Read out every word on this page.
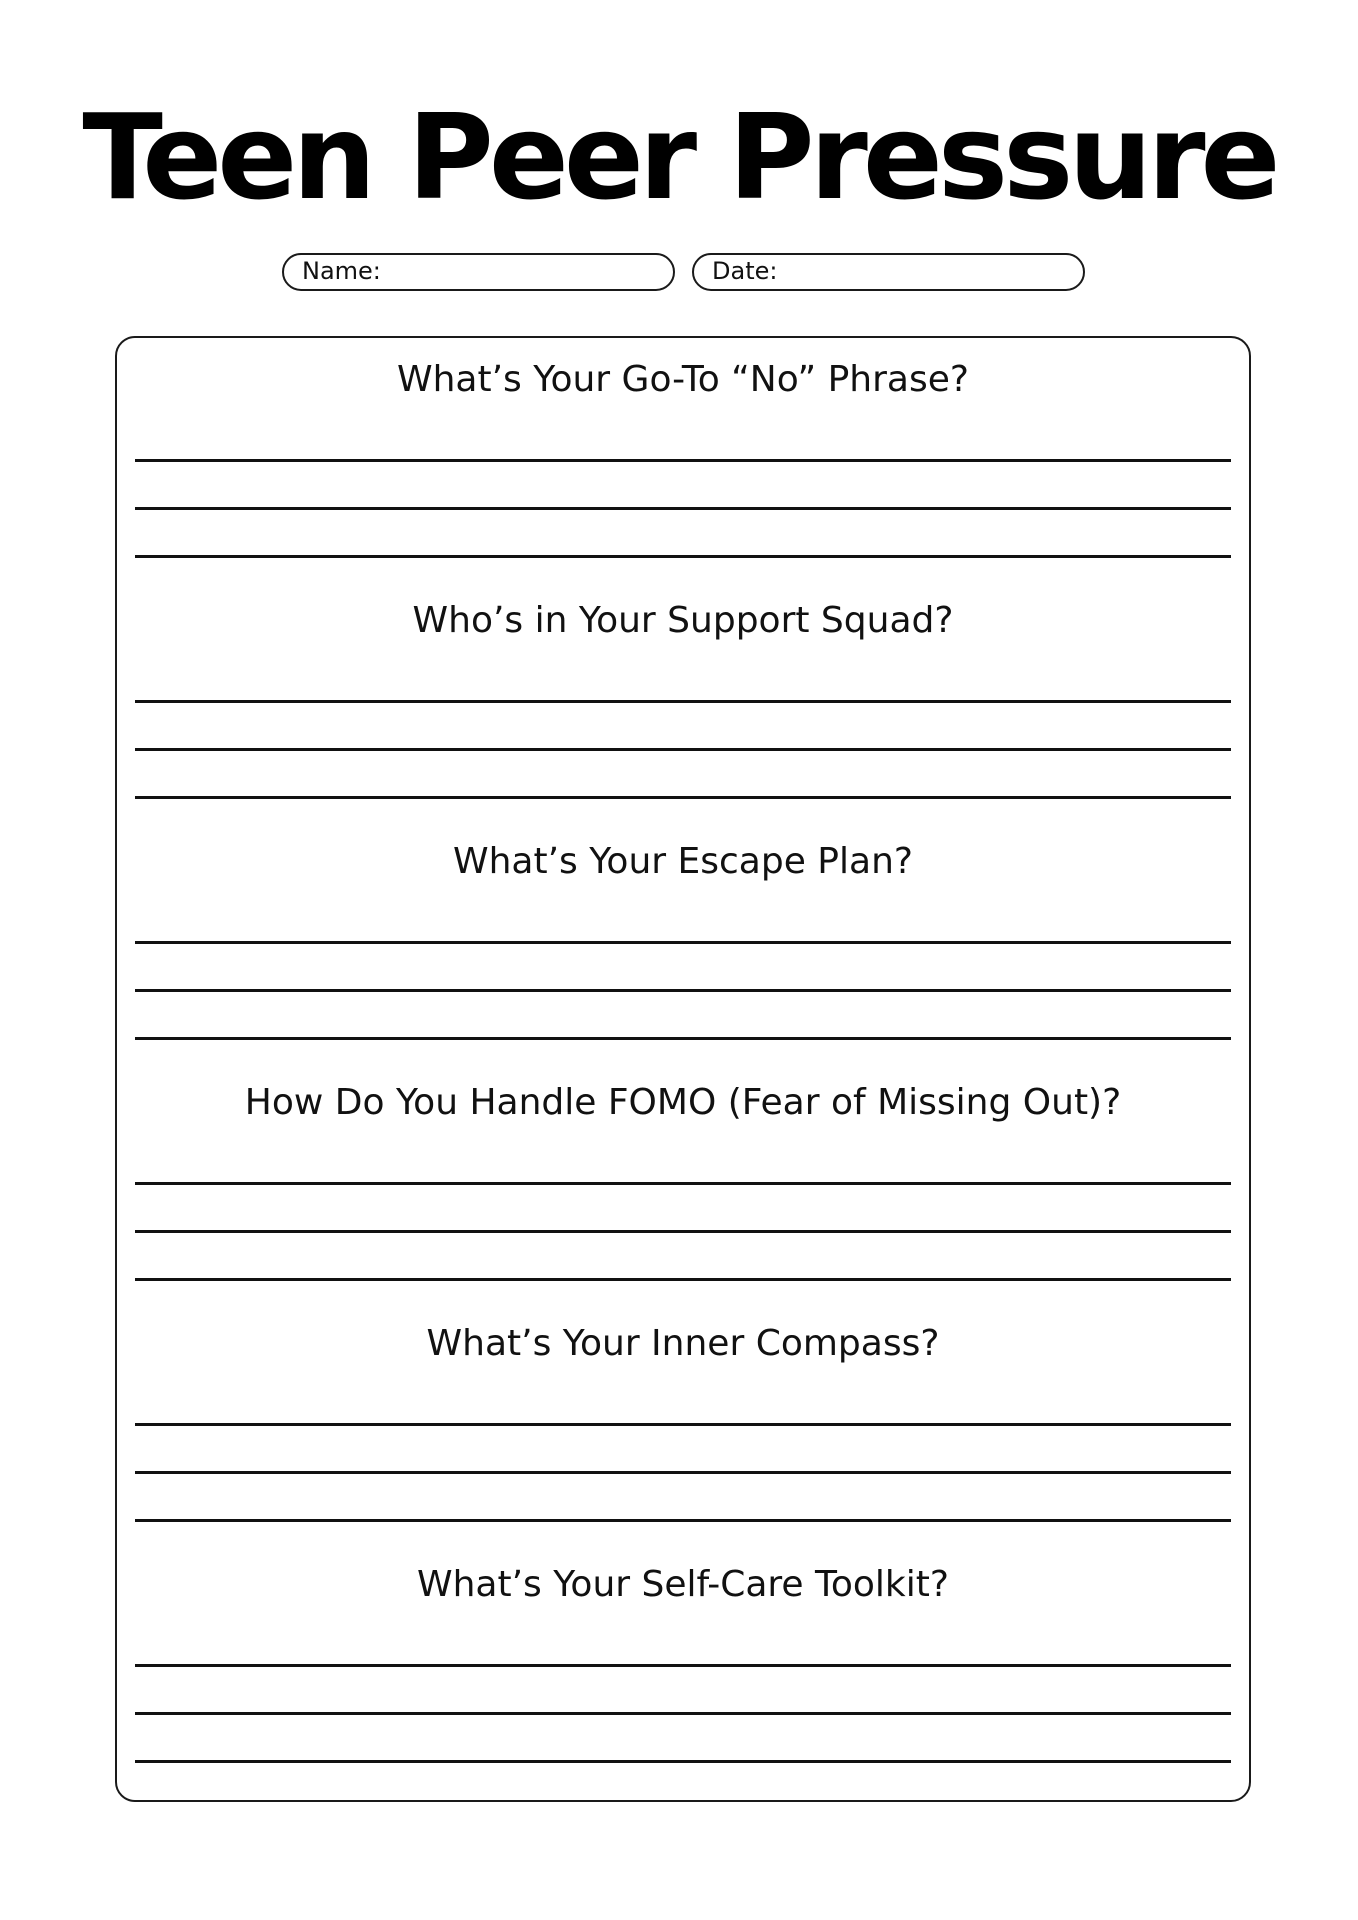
Teen Peer Pressure
Name:	Date:
What’s Your Go-To “No” Phrase?
Who’s in Your Support Squad?
What’s Your Escape Plan?
How Do You Handle FOMO (Fear of Missing Out)?
What’s Your Inner Compass?
What’s Your Self-Care Toolkit?
